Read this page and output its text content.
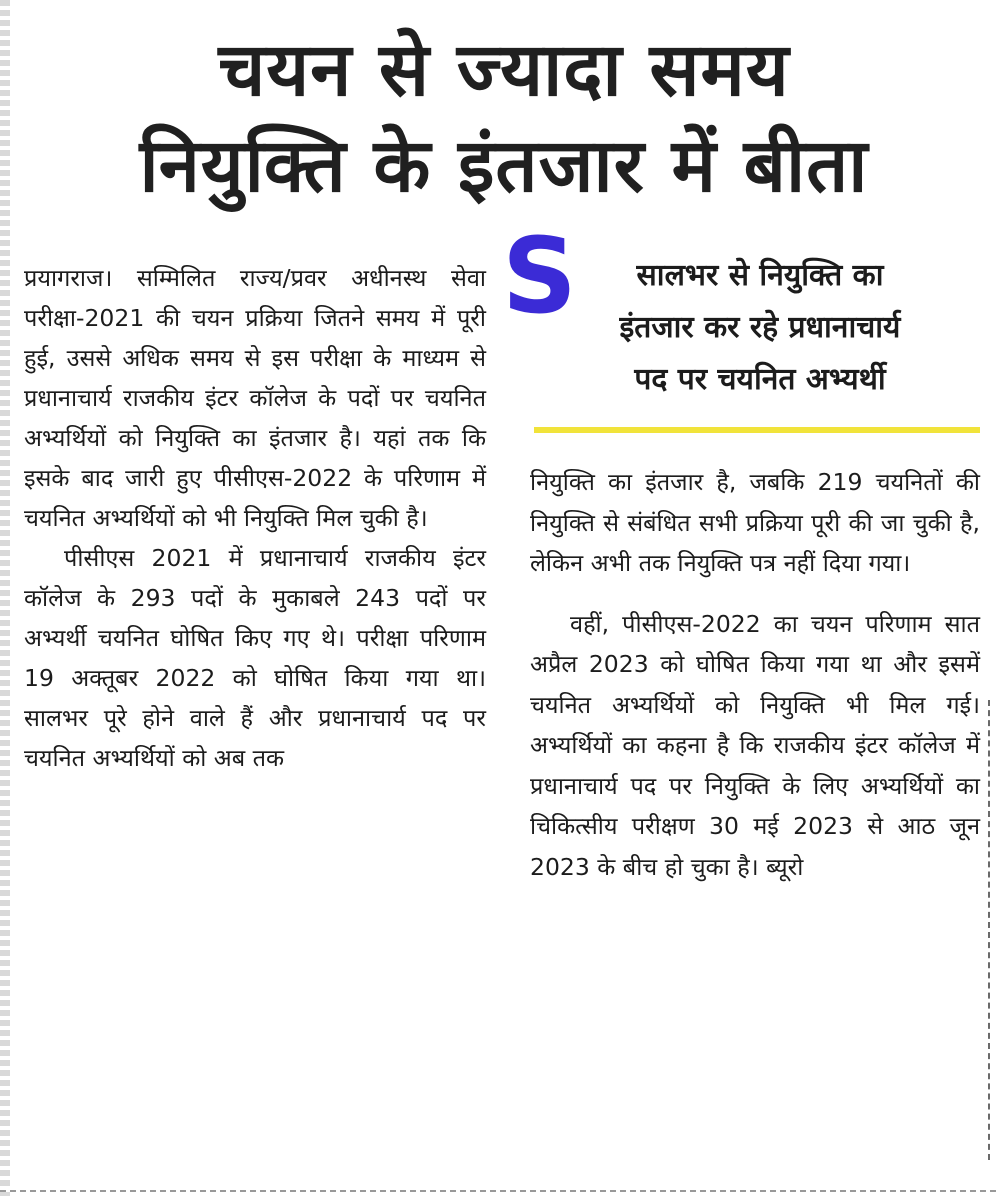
चयन से ज्यादा समय
नियुक्ति के इंतजार में बीता

प्रयागराज। सम्मिलित राज्य/प्रवर अधीनस्थ सेवा परीक्षा-2021 की चयन प्रक्रिया जितने समय में पूरी हुई, उससे अधिक समय से इस परीक्षा के माध्यम से प्रधानाचार्य राजकीय इंटर कॉलेज के पदों पर चयनित अभ्यर्थियों को नियुक्ति का इंतजार है। यहां तक कि इसके बाद जारी हुए पीसीएस-2022 के परिणाम में चयनित अभ्यर्थियों को भी नियुक्ति मिल चुकी है।

पीसीएस 2021 में प्रधानाचार्य राजकीय इंटर कॉलेज के 293 पदों के मुकाबले 243 पदों पर अभ्यर्थी चयनित घोषित किए गए थे। परीक्षा परिणाम 19 अक्तूबर 2022 को घोषित किया गया था। सालभर पूरे होने वाले हैं और प्रधानाचार्य पद पर चयनित अभ्यर्थियों को अब तक

S	सालभर से नियुक्ति का
इंतजार कर रहे प्रधानाचार्य
पद पर चयनित अभ्यर्थी

नियुक्ति का इंतजार है, जबकि 219 चयनितों की नियुक्ति से संबंधित सभी प्रक्रिया पूरी की जा चुकी है, लेकिन अभी तक नियुक्ति पत्र नहीं दिया गया।

वहीं, पीसीएस-2022 का चयन परिणाम सात अप्रैल 2023 को घोषित किया गया था और इसमें चयनित अभ्यर्थियों को नियुक्ति भी मिल गई। अभ्यर्थियों का कहना है कि राजकीय इंटर कॉलेज में प्रधानाचार्य पद पर नियुक्ति के लिए अभ्यर्थियों का चिकित्सीय परीक्षण 30 मई 2023 से आठ जून 2023 के बीच हो चुका है। ब्यूरो
